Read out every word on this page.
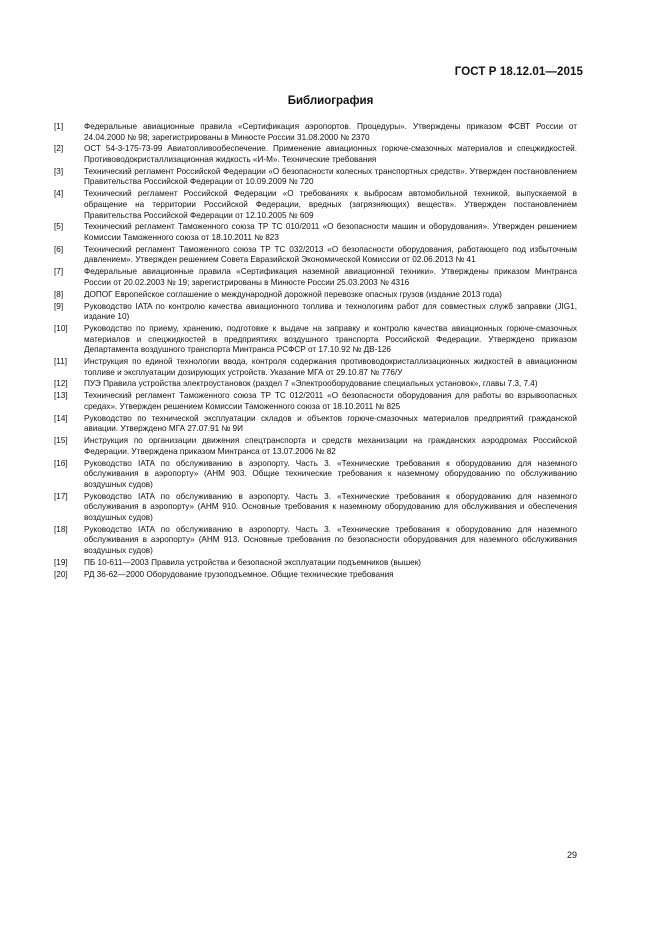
ГОСТ Р 18.12.01—2015
Библиография
[1]	Федеральные авиационные правила «Сертификация аэропортов. Процедуры». Утверждены приказом ФСВТ России от 24.04.2000 № 98; зарегистрированы в Минюсте России 31.08.2000 № 2370
[2]	ОСТ 54-3-175-73-99 Авиатопливообеспечение. Применение авиационных горюче-смазочных материалов и спецжидкостей. Противоводокристаллизационная жидкость «И-М». Технические требования
[3]	Технический регламент Российской Федерации «О безопасности колесных транспортных средств». Утвержден постановлением Правительства Российской Федерации от 10.09.2009 № 720
[4]	Технический регламент Российской Федерации «О требованиях к выбросам автомобильной техникой, выпускаемой в обращение на территории Российской Федерации, вредных (загрязняющих) веществ». Утвержден постановлением Правительства Российской Федерации от 12.10.2005 № 609
[5]	Технический регламент Таможенного союза ТР ТС 010/2011 «О безопасности машин и оборудования». Утвержден решением Комиссии Таможенного союза от 18.10.2011 № 823
[6]	Технический регламент Таможенного союза ТР ТС 032/2013 «О безопасности оборудования, работающего под избыточным давлением». Утвержден решением Совета Евразийской Экономической Комиссии от 02.06.2013 № 41
[7]	Федеральные авиационные правила «Сертификация наземной авиационной техники». Утверждены приказом Минтранса России от 20.02.2003 № 19; зарегистрированы в Минюсте России 25.03.2003 № 4316
[8]	ДОПОГ Европейское соглашение о международной дорожной перевозке опасных грузов (издание 2013 года)
[9]	Руководство IATA по контролю качества авиационного топлива и технологиям работ для совместных служб заправки (JIG1, издание 10)
[10]	Руководство по приему, хранению, подготовке к выдаче на заправку и контролю качества авиационных горюче-смазочных материалов и спецжидкостей в предприятиях воздушного транспорта Российской Федерации. Утверждено приказом Департамента воздушного транспорта Минтранса РСФСР от 17.10.92 № ДВ-126
[11]	Инструкция по единой технологии ввода, контроля содержания противоводокристаллизационных жидкостей в авиационном топливе и эксплуатации дозирующих устройств. Указание МГА от 29.10.87 № 776/У
[12]	ПУЭ Правила устройства электроустановок (раздел 7 «Электрооборудование специальных установок», главы 7.3, 7.4)
[13]	Технический регламент Таможенного союза ТР ТС 012/2011 «О безопасности оборудования для работы во взрывоопасных средах». Утвержден решением Комиссии Таможенного союза от 18.10.2011 № 825
[14]	Руководство по технической эксплуатации складов и объектов горюче-смазочных материалов предприятий гражданской авиации. Утверждено МГА 27.07.91 № 9И
[15]	Инструкция по организации движения спецтранспорта и средств механизации на гражданских аэродромах Российской Федерации. Утверждена приказом Минтранса от 13.07.2006 № 82
[16]	Руководство IATA по обслуживанию в аэропорту. Часть 3. «Технические требования к оборудованию для наземного обслуживания в аэропорту» (АНМ 903. Общие технические требования к наземному оборудованию по обслуживанию воздушных судов)
[17]	Руководство IATA по обслуживанию в аэропорту. Часть 3. «Технические требования к оборудованию для наземного обслуживания в аэропорту» (АНМ 910. Основные требования к наземному оборудованию для обслуживания и обеспечения воздушных судов)
[18]	Руководство IATA по обслуживанию в аэропорту. Часть 3. «Технические требования к оборудованию для наземного обслуживания в аэропорту» (АНМ 913. Основные требования по безопасности оборудования для наземного обслуживания воздушных судов)
[19]	ПБ 10-611—2003 Правила устройства и безопасной эксплуатации подъемников (вышек)
[20]	РД 36-62—2000 Оборудование грузоподъемное. Общие технические требования
29
